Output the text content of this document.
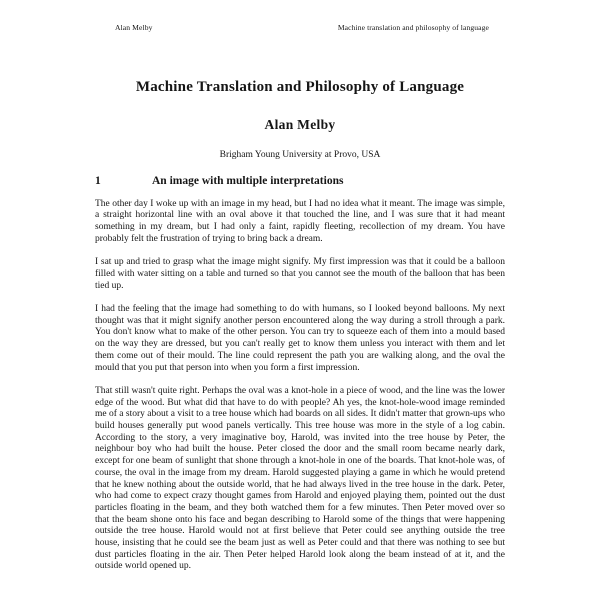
Alan Melby	Machine translation and philosophy of language
Machine Translation and Philosophy of Language
Alan Melby
Brigham Young University at Provo, USA
1	An image with multiple interpretations

The other day I woke up with an image in my head, but I had no idea what it meant. The image was simple, a straight horizontal line with an oval above it that touched the line, and I was sure that it had meant something in my dream, but I had only a faint, rapidly fleeting, recollection of my dream. You have probably felt the frustration of trying to bring back a dream.

I sat up and tried to grasp what the image might signify. My first impression was that it could be a balloon filled with water sitting on a table and turned so that you cannot see the mouth of the balloon that has been tied up.

I had the feeling that the image had something to do with humans, so I looked beyond balloons. My next thought was that it might signify another person encountered along the way during a stroll through a park. You don't know what to make of the other person. You can try to squeeze each of them into a mould based on the way they are dressed, but you can't really get to know them unless you interact with them and let them come out of their mould. The line could represent the path you are walking along, and the oval the mould that you put that person into when you form a first impression.

That still wasn't quite right. Perhaps the oval was a knot-hole in a piece of wood, and the line was the lower edge of the wood. But what did that have to do with people? Ah yes, the knot-hole-wood image reminded me of a story about a visit to a tree house which had boards on all sides. It didn't matter that grown-ups who build houses generally put wood panels vertically. This tree house was more in the style of a log cabin. According to the story, a very imaginative boy, Harold, was invited into the tree house by Peter, the neighbour boy who had built the house. Peter closed the door and the small room became nearly dark, except for one beam of sunlight that shone through a knot-hole in one of the boards. That knot-hole was, of course, the oval in the image from my dream. Harold suggested playing a game in which he would pretend that he knew nothing about the outside world, that he had always lived in the tree house in the dark. Peter, who had come to expect crazy thought games from Harold and enjoyed playing them, pointed out the dust particles floating in the beam, and they both watched them for a few minutes. Then Peter moved over so that the beam shone onto his face and began describing to Harold some of the things that were happening outside the tree house. Harold would not at first believe that Peter could see anything outside the tree house, insisting that he could see the beam just as well as Peter could and that there was nothing to see but dust particles floating in the air. Then Peter helped Harold look along the beam instead of at it, and the outside world opened up.
